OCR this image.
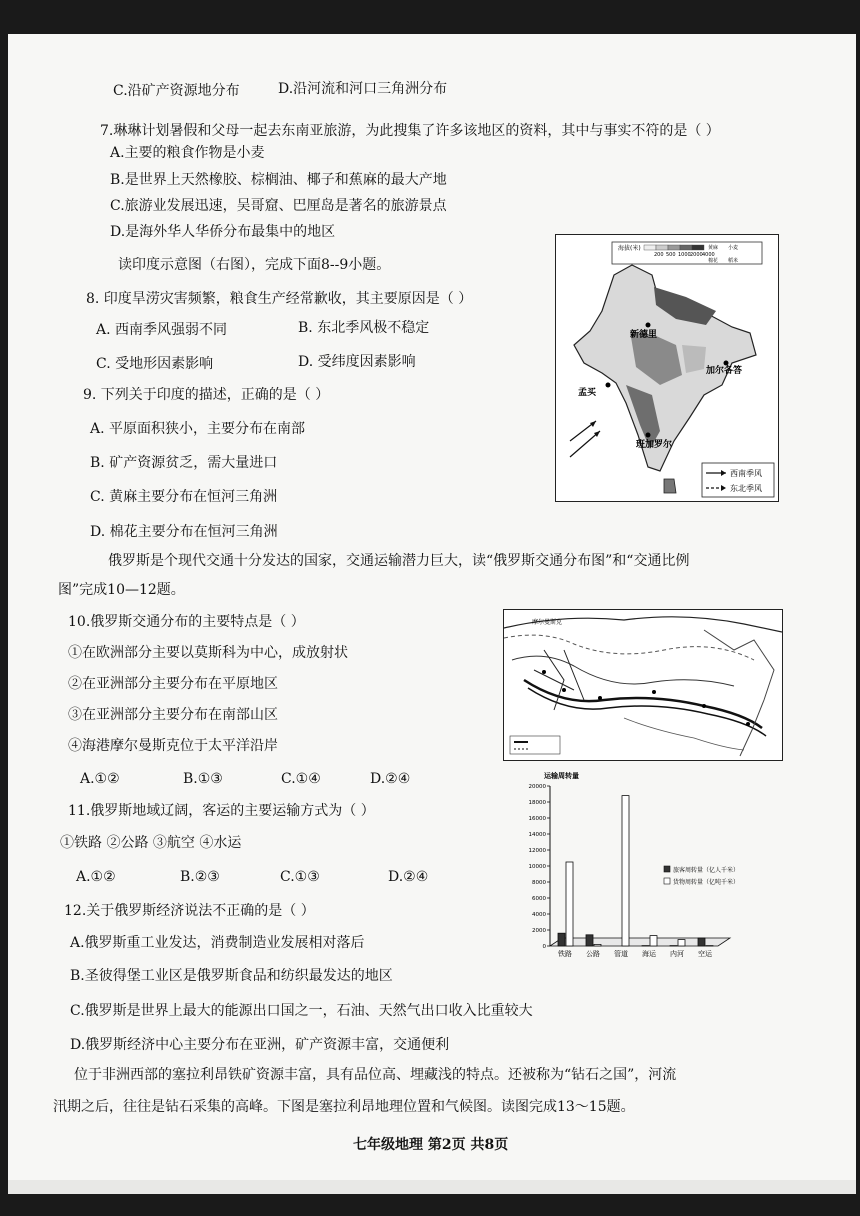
C.沿矿产资源地分布	D.沿河流和河口三角洲分布
7.琳琳计划暑假和父母一起去东南亚旅游，为此搜集了许多该地区的资料，其中与事实不符的是（ ）
A.主要的粮食作物是小麦
B.是世界上天然橡胶、棕榈油、椰子和蕉麻的最大产地
C.旅游业发展迅速，吴哥窟、巴厘岛是著名的旅游景点
D.是海外华人华侨分布最集中的地区
读印度示意图（右图），完成下面8--9小题。
8. 印度旱涝灾害频繁，粮食生产经常歉收，其主要原因是（ ）
A. 西南季风强弱不同	B. 东北季风极不稳定
C. 受地形因素影响	D. 受纬度因素影响
9. 下列关于印度的描述，正确的是（ ）
A. 平原面积狭小，主要分布在南部
B. 矿产资源贫乏，需大量进口
C. 黄麻主要分布在恒河三角洲
D. 棉花主要分布在恒河三角洲
海拔(米)
200 500 1000 2000 4000
黄麻 小麦
棉花 稻米
新德里
加尔各答
孟买
班加罗尔
西南季风
东北季风
俄罗斯是个现代交通十分发达的国家，交通运输潜力巨大，读“俄罗斯交通分布图”和“交通比例
图”完成10—12题。
10.俄罗斯交通分布的主要特点是（ ）
①在欧洲部分主要以莫斯科为中心，成放射状
②在亚洲部分主要分布在平原地区
③在亚洲部分主要分布在南部山区
④海港摩尔曼斯克位于太平洋沿岸
A.①②	B.①③	C.①④	D.②④
摩尔曼斯克
11.俄罗斯地域辽阔，客运的主要运输方式为（ ）
①铁路 ②公路 ③航空 ④水运
A.①②	B.②③	C.①③	D.②④
运输周转量
0
2000
4000
6000
8000
10000
12000
14000
16000
18000
20000
铁路 公路 管道 海运 内河 空运
旅客周转量（亿人千米）
货物周转量（亿吨千米）
12.关于俄罗斯经济说法不正确的是（ ）
A.俄罗斯重工业发达，消费制造业发展相对落后
B.圣彼得堡工业区是俄罗斯食品和纺织最发达的地区
C.俄罗斯是世界上最大的能源出口国之一，石油、天然气出口收入比重较大
D.俄罗斯经济中心主要分布在亚洲，矿产资源丰富，交通便利
位于非洲西部的塞拉利昂铁矿资源丰富，具有品位高、埋藏浅的特点。还被称为“钻石之国”，河流
汛期之后，往往是钻石采集的高峰。下图是塞拉利昂地理位置和气候图。读图完成13～15题。
七年级地理 第2页 共8页
